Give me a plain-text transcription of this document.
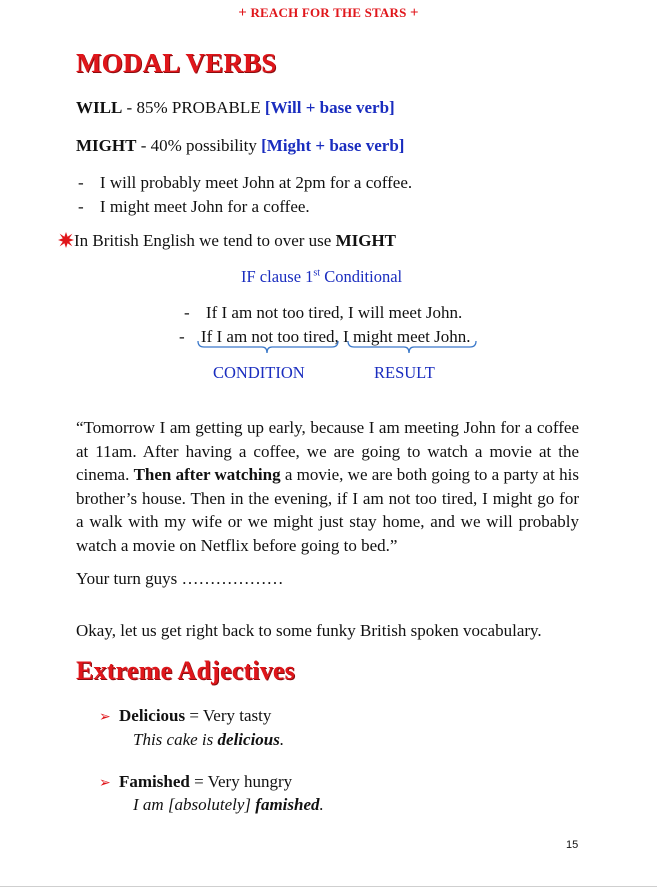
+ REACH FOR THE STARS +
MODAL VERBS
WILL - 85% PROBABLE [Will + base verb]
MIGHT - 40% possibility [Might + base verb]
- I will probably meet John at 2pm for a coffee.
- I might meet John for a coffee.
In British English we tend to over use MIGHT
IF clause 1st Conditional
- If I am not too tired, I will meet John.
- If I am not too tired, I might meet John.
CONDITION	RESULT
“Tomorrow I am getting up early, because I am meeting John for a coffee at 11am. After having a coffee, we are going to watch a movie at the cinema. Then after watching a movie, we are both going to a party at his brother’s house. Then in the evening, if I am not too tired, I might go for a walk with my wife or we might just stay home, and we will probably watch a movie on Netflix before going to bed.”
Your turn guys ………………
Okay, let us get right back to some funky British spoken vocabulary.
Extreme Adjectives
➢ Delicious = Very tasty
This cake is delicious.
➢ Famished = Very hungry
I am [absolutely] famished.
15
